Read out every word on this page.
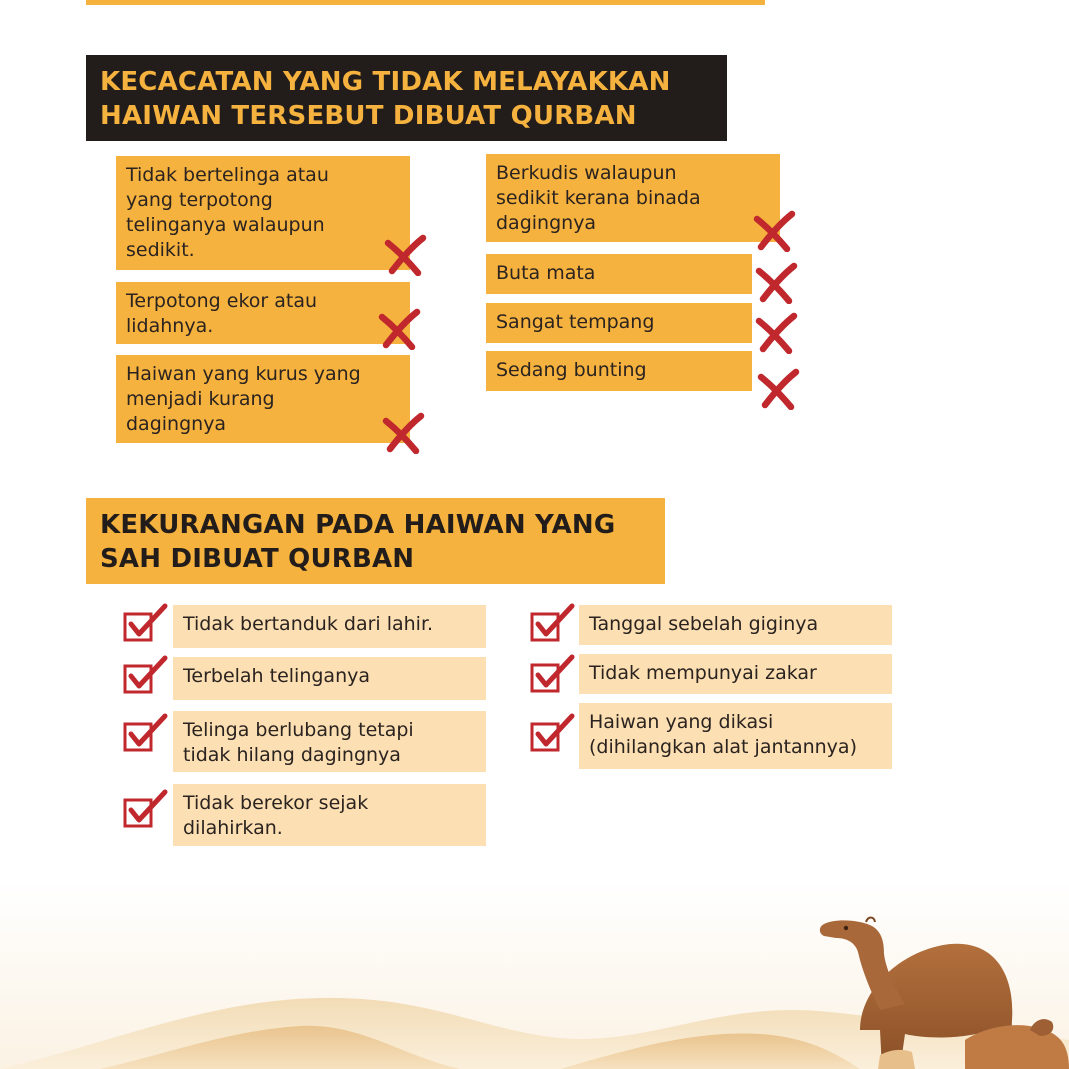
KECACATAN YANG TIDAK MELAYAKKAN
HAIWAN TERSEBUT DIBUAT QURBAN
Tidak bertelinga atau
yang terpotong
telinganya walaupun
sedikit.
Terpotong ekor atau
lidahnya.
Haiwan yang kurus yang
menjadi kurang
dagingnya
Berkudis walaupun
sedikit kerana binada
dagingnya
Buta mata
Sangat tempang
Sedang bunting
KEKURANGAN PADA HAIWAN YANG
SAH DIBUAT QURBAN
Tidak bertanduk dari lahir.
Terbelah telinganya
Telinga berlubang tetapi
tidak hilang dagingnya
Tidak berekor sejak
dilahirkan.
Tanggal sebelah giginya
Tidak mempunyai zakar
Haiwan yang dikasi
(dihilangkan alat jantannya)
